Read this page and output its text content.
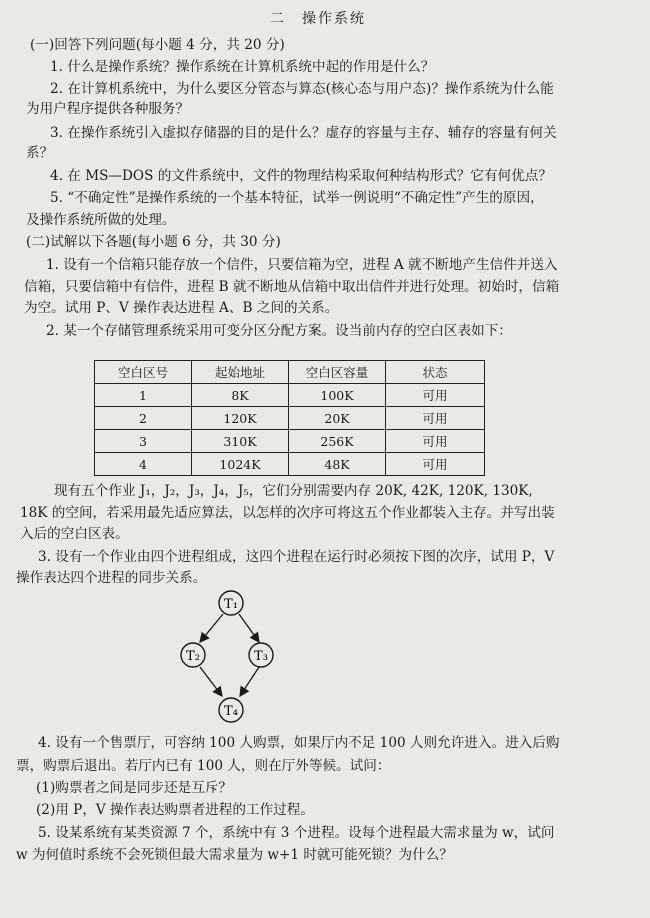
二　操作系统
(一)回答下列问题(每小题 4 分，共 20 分)
1. 什么是操作系统？操作系统在计算机系统中起的作用是什么？
2. 在计算机系统中，为什么要区分管态与算态(核心态与用户态)？操作系统为什么能
为用户程序提供各种服务？
3. 在操作系统引入虚拟存储器的目的是什么？虚存的容量与主存、辅存的容量有何关
系？
4. 在 MS—DOS 的文件系统中，文件的物理结构采取何种结构形式？它有何优点？
5. “不确定性”是操作系统的一个基本特征，试举一例说明“不确定性”产生的原因，
及操作系统所做的处理。
(二)试解以下各题(每小题 6 分，共 30 分)
1. 设有一个信箱只能存放一个信件，只要信箱为空，进程 A 就不断地产生信件并送入
信箱，只要信箱中有信件，进程 B 就不断地从信箱中取出信件并进行处理。初始时，信箱
为空。试用 P、V 操作表达进程 A、B 之间的关系。
2. 某一个存储管理系统采用可变分区分配方案。设当前内存的空白区表如下：
空白区号	起始地址	空白区容量	状态
1	8K	100K	可用
2	120K	20K	可用
3	310K	256K	可用
4	1024K	48K	可用
现有五个作业 J₁，J₂，J₃，J₄，J₅，它们分别需要内存 20K, 42K, 120K, 130K,
18K 的空间，若采用最先适应算法，以怎样的次序可将这五个作业都装入主存。并写出装
入后的空白区表。
3. 设有一个作业由四个进程组成，这四个进程在运行时必须按下图的次序，试用 P，V
操作表达四个进程的同步关系。
T₁
T₂	T₃
T₄
4. 设有一个售票厅，可容纳 100 人购票，如果厅内不足 100 人则允许进入。进入后购
票，购票后退出。若厅内已有 100 人，则在厅外等候。试问：
(1)购票者之间是同步还是互斥？
(2)用 P，V 操作表达购票者进程的工作过程。
5. 设某系统有某类资源 7 个，系统中有 3 个进程。设每个进程最大需求量为 w，试问
w 为何值时系统不会死锁但最大需求量为 w+1 时就可能死锁？为什么？
